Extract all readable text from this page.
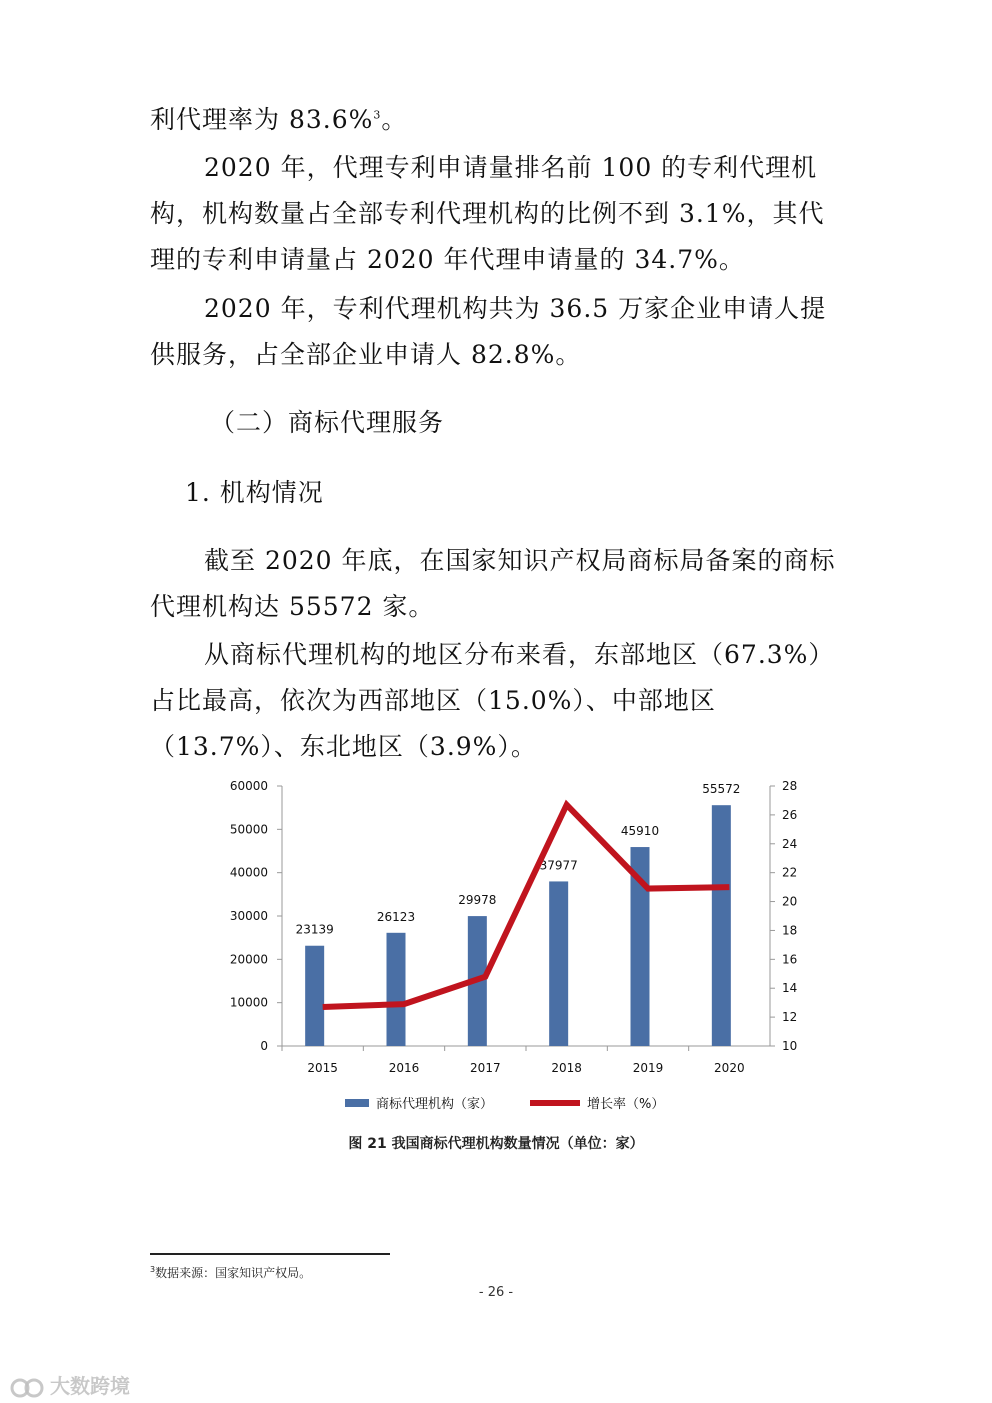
利代理率为 83.6%$^3$。

2020 年，代理专利申请量排名前 100 的专利代理机构，机构数量占全部专利代理机构的比例不到 3.1%，其代理的专利申请量占 2020 年代理申请量的 34.7%。

2020 年，专利代理机构共为 36.5 万家企业申请人提供服务，占全部企业申请人 82.8%。

（二）商标代理服务

1. 机构情况

截至 2020 年底，在国家知识产权局商标局备案的商标代理机构达 55572 家。

从商标代理机构的地区分布来看，东部地区（67.3%）占比最高，依次为西部地区（15.0%）、中部地区（13.7%）、东北地区（3.9%）。

0
10000
20000
30000
40000
50000
60000
10
12
14
16
18
20
22
24
26
28
2015
23139
2016
26123
2017
29978
2018
37977
2019
45910
2020
55572
商标代理机构（家）	增长率（%）
图 21 我国商标代理机构数量情况（单位：家）
$^3$数据来源：国家知识产权局。
- 26 -
大数跨境
